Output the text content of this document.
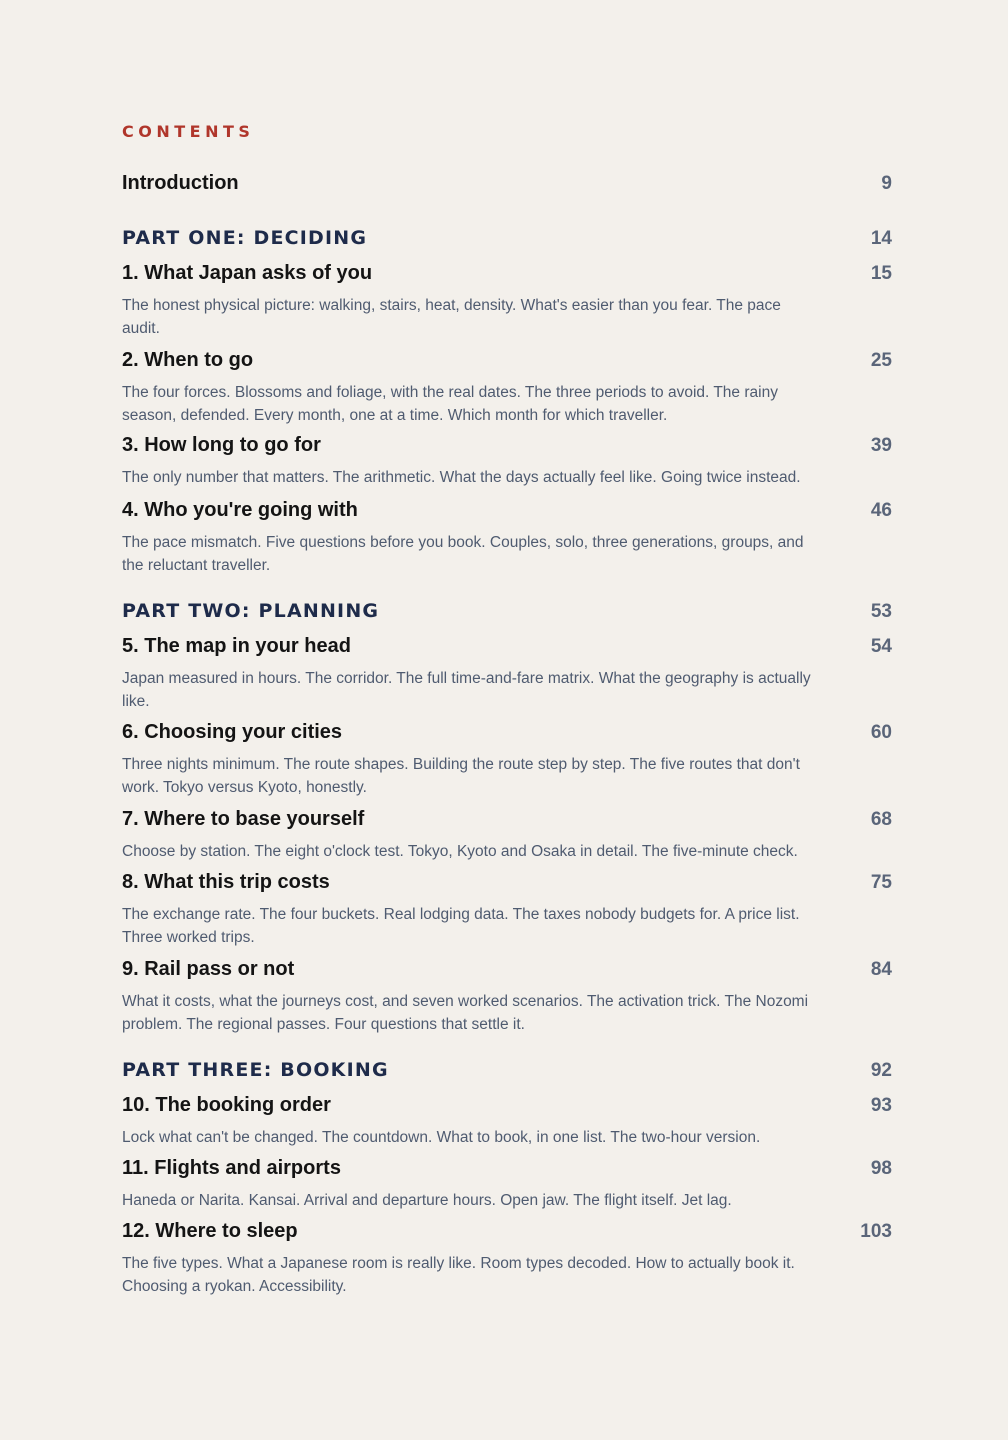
CONTENTS
Introduction	9
PART ONE: DECIDING	14
1. What Japan asks of you	15
The honest physical picture: walking, stairs, heat, density. What's easier than you fear. The pace audit.
2. When to go	25
The four forces. Blossoms and foliage, with the real dates. The three periods to avoid. The rainy season, defended. Every month, one at a time. Which month for which traveller.
3. How long to go for	39
The only number that matters. The arithmetic. What the days actually feel like. Going twice instead.
4. Who you're going with	46
The pace mismatch. Five questions before you book. Couples, solo, three generations, groups, and the reluctant traveller.
PART TWO: PLANNING	53
5. The map in your head	54
Japan measured in hours. The corridor. The full time-and-fare matrix. What the geography is actually like.
6. Choosing your cities	60
Three nights minimum. The route shapes. Building the route step by step. The five routes that don't work. Tokyo versus Kyoto, honestly.
7. Where to base yourself	68
Choose by station. The eight o'clock test. Tokyo, Kyoto and Osaka in detail. The five-minute check.
8. What this trip costs	75
The exchange rate. The four buckets. Real lodging data. The taxes nobody budgets for. A price list. Three worked trips.
9. Rail pass or not	84
What it costs, what the journeys cost, and seven worked scenarios. The activation trick. The Nozomi problem. The regional passes. Four questions that settle it.
PART THREE: BOOKING	92
10. The booking order	93
Lock what can't be changed. The countdown. What to book, in one list. The two-hour version.
11. Flights and airports	98
Haneda or Narita. Kansai. Arrival and departure hours. Open jaw. The flight itself. Jet lag.
12. Where to sleep	103
The five types. What a Japanese room is really like. Room types decoded. How to actually book it. Choosing a ryokan. Accessibility.
